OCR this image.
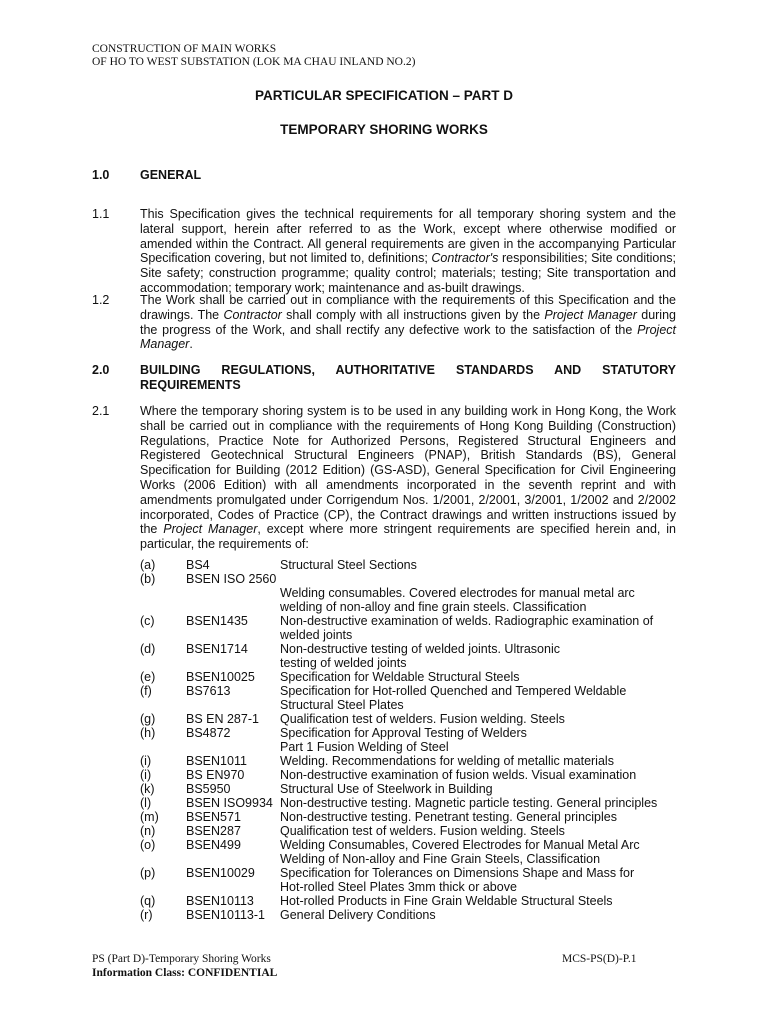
CONSTRUCTION OF MAIN WORKS
OF HO TO WEST SUBSTATION (LOK MA CHAU INLAND NO.2)
PARTICULAR SPECIFICATION – PART D
TEMPORARY SHORING WORKS
1.0 GENERAL
1.1 This Specification gives the technical requirements for all temporary shoring system and the lateral support, herein after referred to as the Work, except where otherwise modified or amended within the Contract. All general requirements are given in the accompanying Particular Specification covering, but not limited to, definitions; Contractor's responsibilities; Site conditions; Site safety; construction programme; quality control; materials; testing; Site transportation and accommodation; temporary work; maintenance and as-built drawings.
1.2 The Work shall be carried out in compliance with the requirements of this Specification and the drawings. The Contractor shall comply with all instructions given by the Project Manager during the progress of the Work, and shall rectify any defective work to the satisfaction of the Project Manager.
2.0 BUILDING REGULATIONS, AUTHORITATIVE STANDARDS AND STATUTORY REQUIREMENTS
2.1 Where the temporary shoring system is to be used in any building work in Hong Kong, the Work shall be carried out in compliance with the requirements of Hong Kong Building (Construction) Regulations, Practice Note for Authorized Persons, Registered Structural Engineers and Registered Geotechnical Structural Engineers (PNAP), British Standards (BS), General Specification for Building (2012 Edition) (GS-ASD), General Specification for Civil Engineering Works (2006 Edition) with all amendments incorporated in the seventh reprint and with amendments promulgated under Corrigendum Nos. 1/2001, 2/2001, 3/2001, 1/2002 and 2/2002 incorporated, Codes of Practice (CP), the Contract drawings and written instructions issued by the Project Manager, except where more stringent requirements are specified herein and, in particular, the requirements of:
(a) BS4	Structural Steel Sections
(b) BSEN ISO 2560
Welding consumables. Covered electrodes for manual metal arc
welding of non-alloy and fine grain steels. Classification
(c)	BSEN1435	Non-destructive examination of welds. Radiographic examination of
welded joints
(d) BSEN1714	Non-destructive testing of welded joints. Ultrasonic
testing of welded joints
(e) BSEN10025 Specification for Weldable Structural Steels
(f)	BS7613	Specification for Hot-rolled Quenched and Tempered Weldable
Structural Steel Plates
(g) BS EN 287-1 Qualification test of welders. Fusion welding. Steels
(h) BS4872	Specification for Approval Testing of Welders
Part 1 Fusion Welding of Steel
(i)	BSEN1011	Welding. Recommendations for welding of metallic materials
(i)	BS EN970	Non-destructive examination of fusion welds. Visual examination
(k)	BS5950	Structural Use of Steelwork in Building
(l)	BSEN ISO9934 Non-destructive testing. Magnetic particle testing. General principles
(m) BSEN571	Non-destructive testing. Penetrant testing. General principles
(n) BSEN287	Qualification test of welders. Fusion welding. Steels
(o) BSEN499	Welding Consumables, Covered Electrodes for Manual Metal Arc
Welding of Non-alloy and Fine Grain Steels, Classification
(p) BSEN10029 Specification for Tolerances on Dimensions Shape and Mass for
Hot-rolled Steel Plates 3mm thick or above
(q) BSEN10113 Hot-rolled Products in Fine Grain Weldable Structural Steels
(r)	BSEN10113-1 General Delivery Conditions
PS (Part D)-Temporary Shoring Works
Information Class: CONFIDENTIAL
MCS-PS(D)-P.1
